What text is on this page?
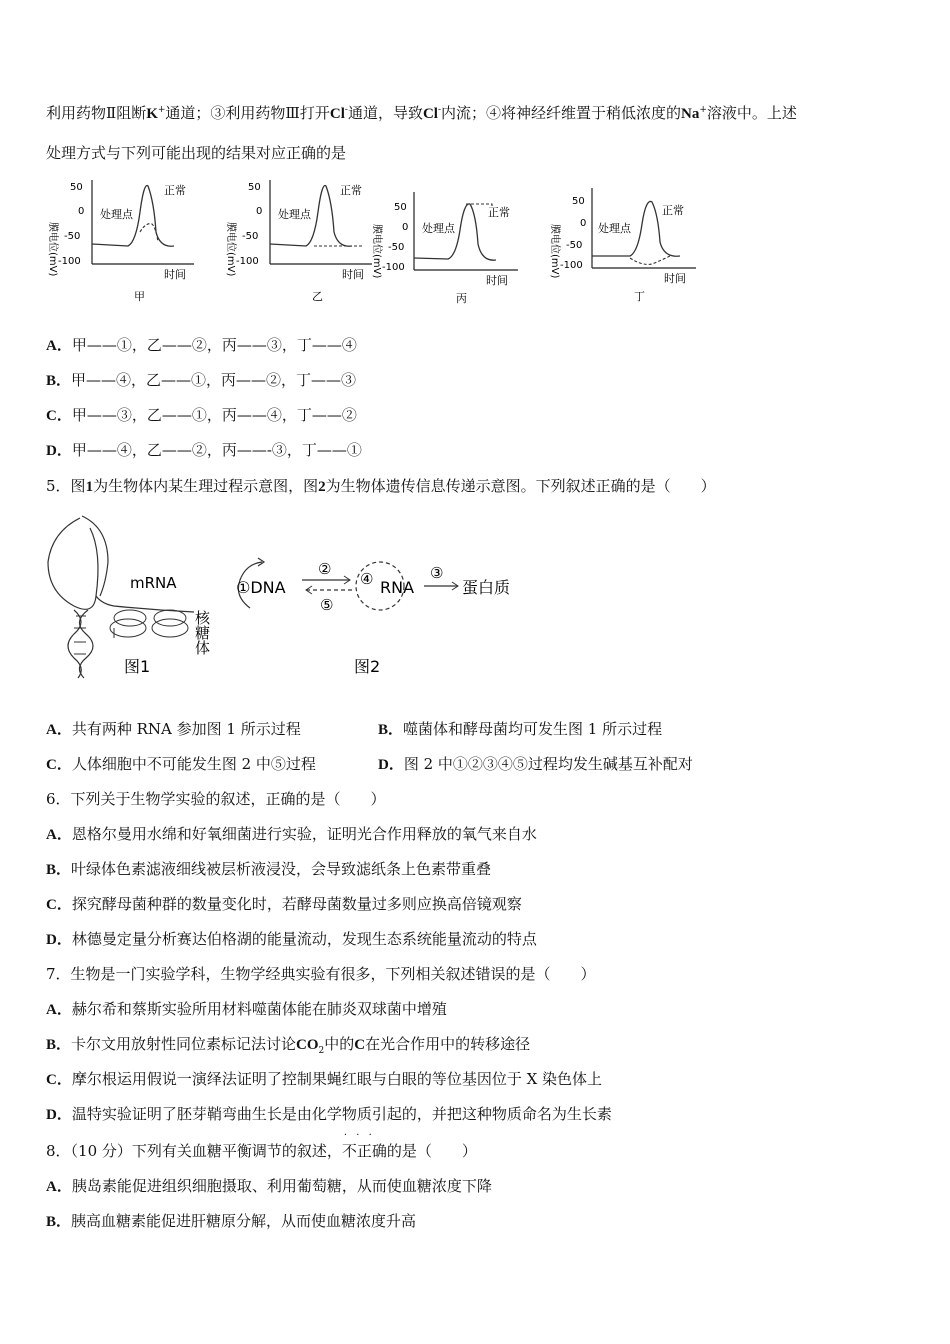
利用药物Ⅱ阻断K+通道；③利用药物Ⅲ打开Cl-通道，导致Cl-内流；④将神经纤维置于稍低浓度的Na+溶液中。上述
处理方式与下列可能出现的结果对应正确的是
膜电位(mV)
50
0
-50
-100
处理点
正常
时间
甲
膜电位(mV)
50
0
-50
-100
处理点
正常
时间
乙
膜电位(mV)
50
0
-50
-100
处理点
正常
时间
丙
膜电位(mV)
50
0
-50
-100
处理点
正常
时间
丁
A．甲——①，乙——②，丙——③，丁——④
B．甲——④，乙——①，丙——②，丁——③
C．甲——③，乙——①，丙——④，丁——②
D．甲——④，乙——②，丙——-③，丁——①
5．图1为生物体内某生理过程示意图，图2为生物体遗传信息传递示意图。下列叙述正确的是（　　）
mRNA
核糖体
图1
①DNA
②
⑤
④ RNA
③
蛋白质
图2
A．共有两种 RNA 参加图 1 所示过程	B．噬菌体和酵母菌均可发生图 1 所示过程
C．人体细胞中不可能发生图 2 中⑤过程	D．图 2 中①②③④⑤过程均发生碱基互补配对
6．下列关于生物学实验的叙述，正确的是（　　）
A．恩格尔曼用水绵和好氧细菌进行实验，证明光合作用释放的氧气来自水
B．叶绿体色素滤液细线被层析液浸没，会导致滤纸条上色素带重叠
C．探究酵母菌种群的数量变化时，若酵母菌数量过多则应换高倍镜观察
D．林德曼定量分析赛达伯格湖的能量流动，发现生态系统能量流动的特点
7．生物是一门实验学科，生物学经典实验有很多，下列相关叙述错误的是（　　）
A．赫尔希和蔡斯实验所用材料噬菌体能在肺炎双球菌中增殖
B．卡尔文用放射性同位素标记法讨论$CO_2$中的C在光合作用中的转移途径
C．摩尔根运用假说一演绎法证明了控制果蝇红眼与白眼的等位基因位于 X 染色体上
D．温特实验证明了胚芽鞘弯曲生长是由化学物质引起的，并把这种物质命名为生长素
8．（10 分）下列有关血糖平衡调节的叙述，· · · 不正确的是（　　）
A．胰岛素能促进组织细胞摄取、利用葡萄糖，从而使血糖浓度下降
B．胰高血糖素能促进肝糖原分解，从而使血糖浓度升高
